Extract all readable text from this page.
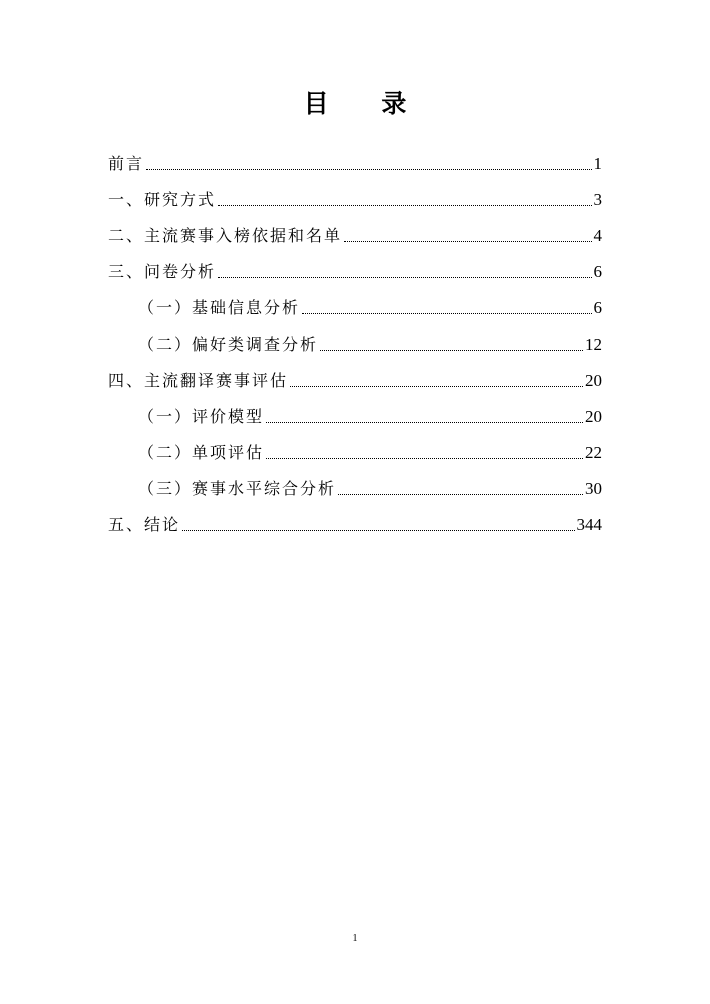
目 录
前言	1
一、研究方式	3
二、主流赛事入榜依据和名单	4
三、问卷分析	6
（一）基础信息分析	6
（二）偏好类调查分析	12
四、主流翻译赛事评估	20
（一）评价模型	20
（二）单项评估	22
（三）赛事水平综合分析	30
五、结论	344
1
